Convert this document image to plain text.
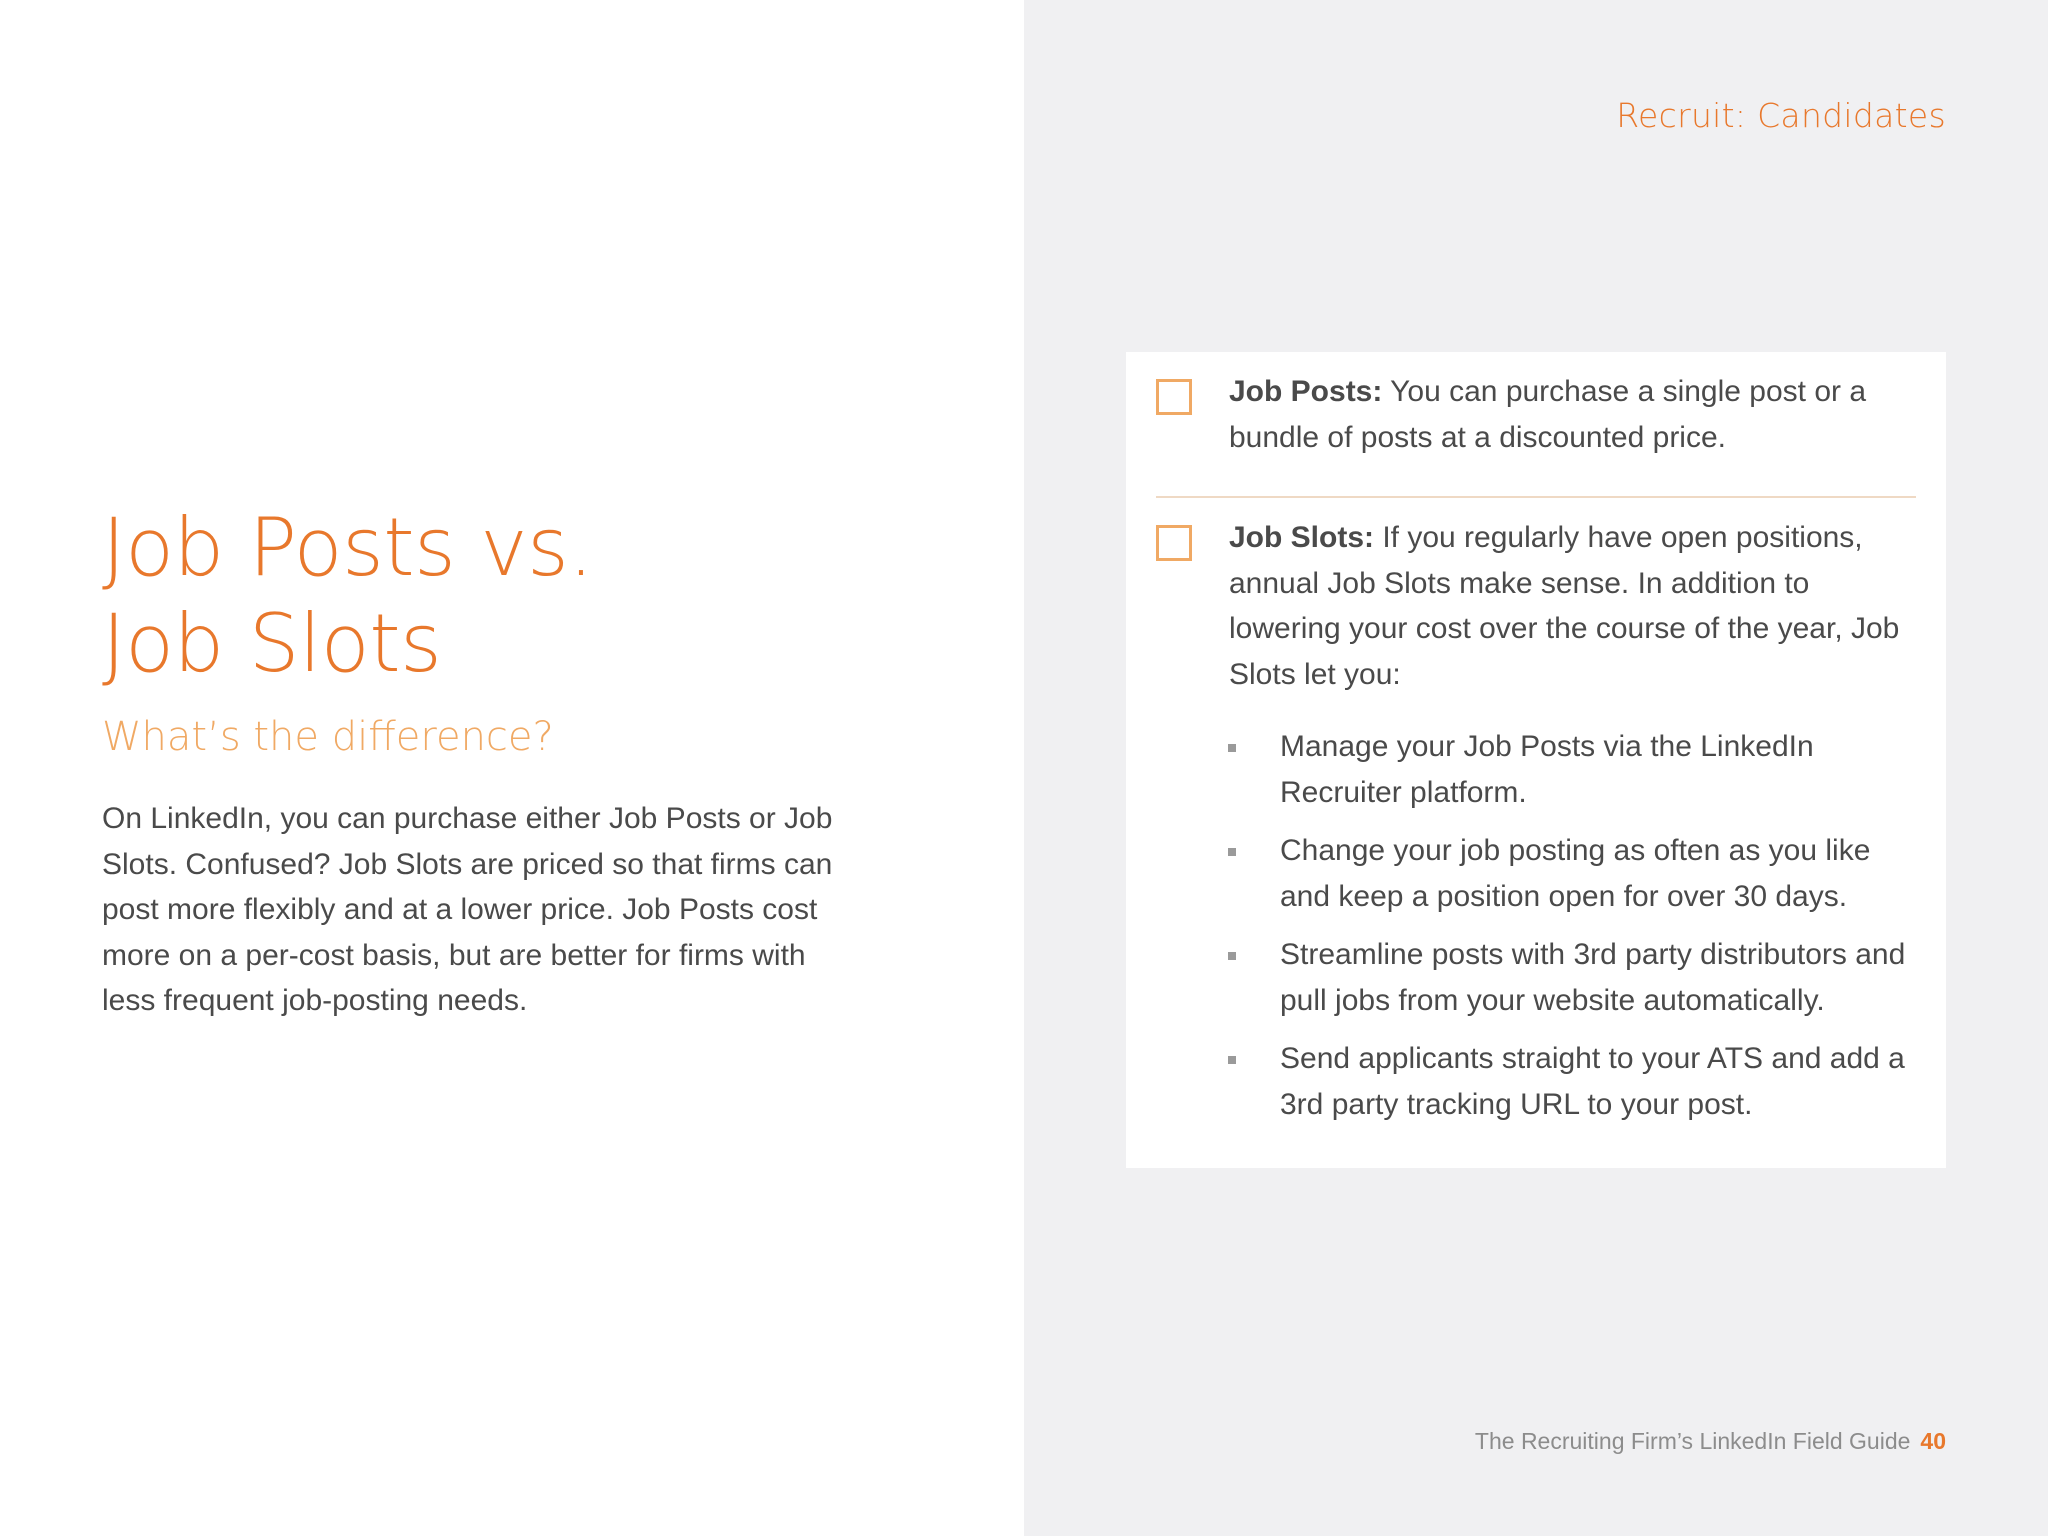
Job Posts vs.
Job Slots
What’s the difference?

On LinkedIn, you can purchase either Job Posts or Job Slots. Confused? Job Slots are priced so that firms can post more flexibly and at a lower price. Job Posts cost more on a per-cost basis, but are better for firms with less frequent job-posting needs.

Recruit: Candidates

Job Posts: You can purchase a single post or a bundle of posts at a discounted price.

Job Slots: If you regularly have open positions, annual Job Slots make sense. In addition to lowering your cost over the course of the year, Job Slots let you:

Manage your Job Posts via the LinkedIn Recruiter platform.
Change your job posting as often as you like and keep a position open for over 30 days.
Streamline posts with 3rd party distributors and pull jobs from your website automatically.
Send applicants straight to your ATS and add a 3rd party tracking URL to your post.
The Recruiting Firm’s LinkedIn Field Guide 40
